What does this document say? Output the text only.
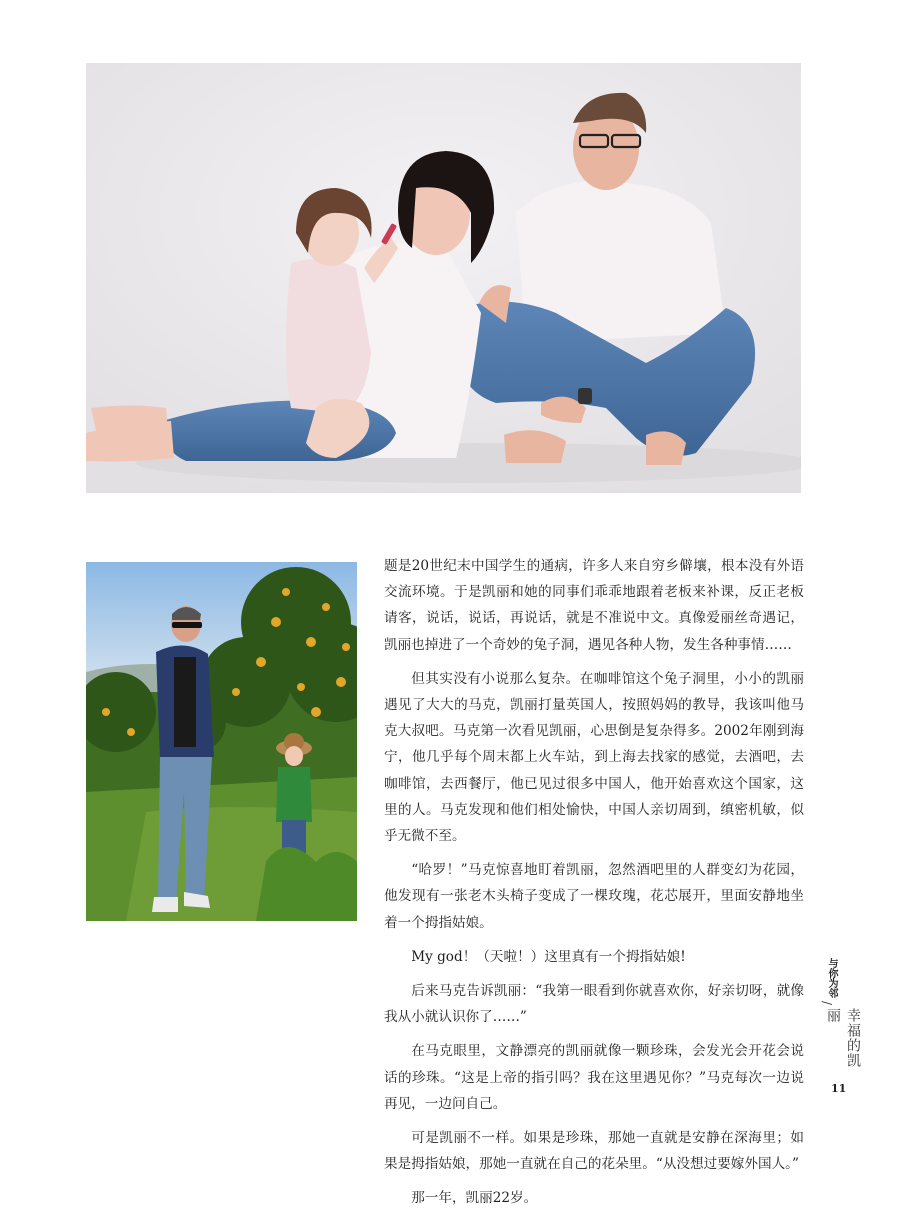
题是20世纪末中国学生的通病，许多人来自穷乡僻壤，根本没有外语交流环境。于是凯丽和她的同事们乖乖地跟着老板来补课，反正老板请客，说话，说话，再说话，就是不准说中文。真像爱丽丝奇遇记，凯丽也掉进了一个奇妙的兔子洞，遇见各种人物，发生各种事情……

但其实没有小说那么复杂。在咖啡馆这个兔子洞里，小小的凯丽遇见了大大的马克，凯丽打量英国人，按照妈妈的教导，我该叫他马克大叔吧。马克第一次看见凯丽，心思倒是复杂得多。2002年刚到海宁，他几乎每个周末都上火车站，到上海去找家的感觉，去酒吧，去咖啡馆，去西餐厅，他已见过很多中国人，他开始喜欢这个国家，这里的人。马克发现和他们相处愉快，中国人亲切周到，缜密机敏，似乎无微不至。

“哈罗！”马克惊喜地盯着凯丽，忽然酒吧里的人群变幻为花园，他发现有一张老木头椅子变成了一棵玫瑰，花芯展开，里面安静地坐着一个拇指姑娘。

My god！（天啦！）这里真有一个拇指姑娘!

后来马克告诉凯丽：“我第一眼看到你就喜欢你，好亲切呀，就像我从小就认识你了……”

在马克眼里，文静漂亮的凯丽就像一颗珍珠，会发光会开花会说话的珍珠。“这是上帝的指引吗？我在这里遇见你？”马克每次一边说再见，一边问自己。

可是凯丽不一样。如果是珍珠，那她一直就是安静在深海里；如果是拇指姑娘，那她一直就在自己的花朵里。“从没想过要嫁外国人。”

那一年，凯丽22岁。

与你为邻
/
幸福的凯丽
11
